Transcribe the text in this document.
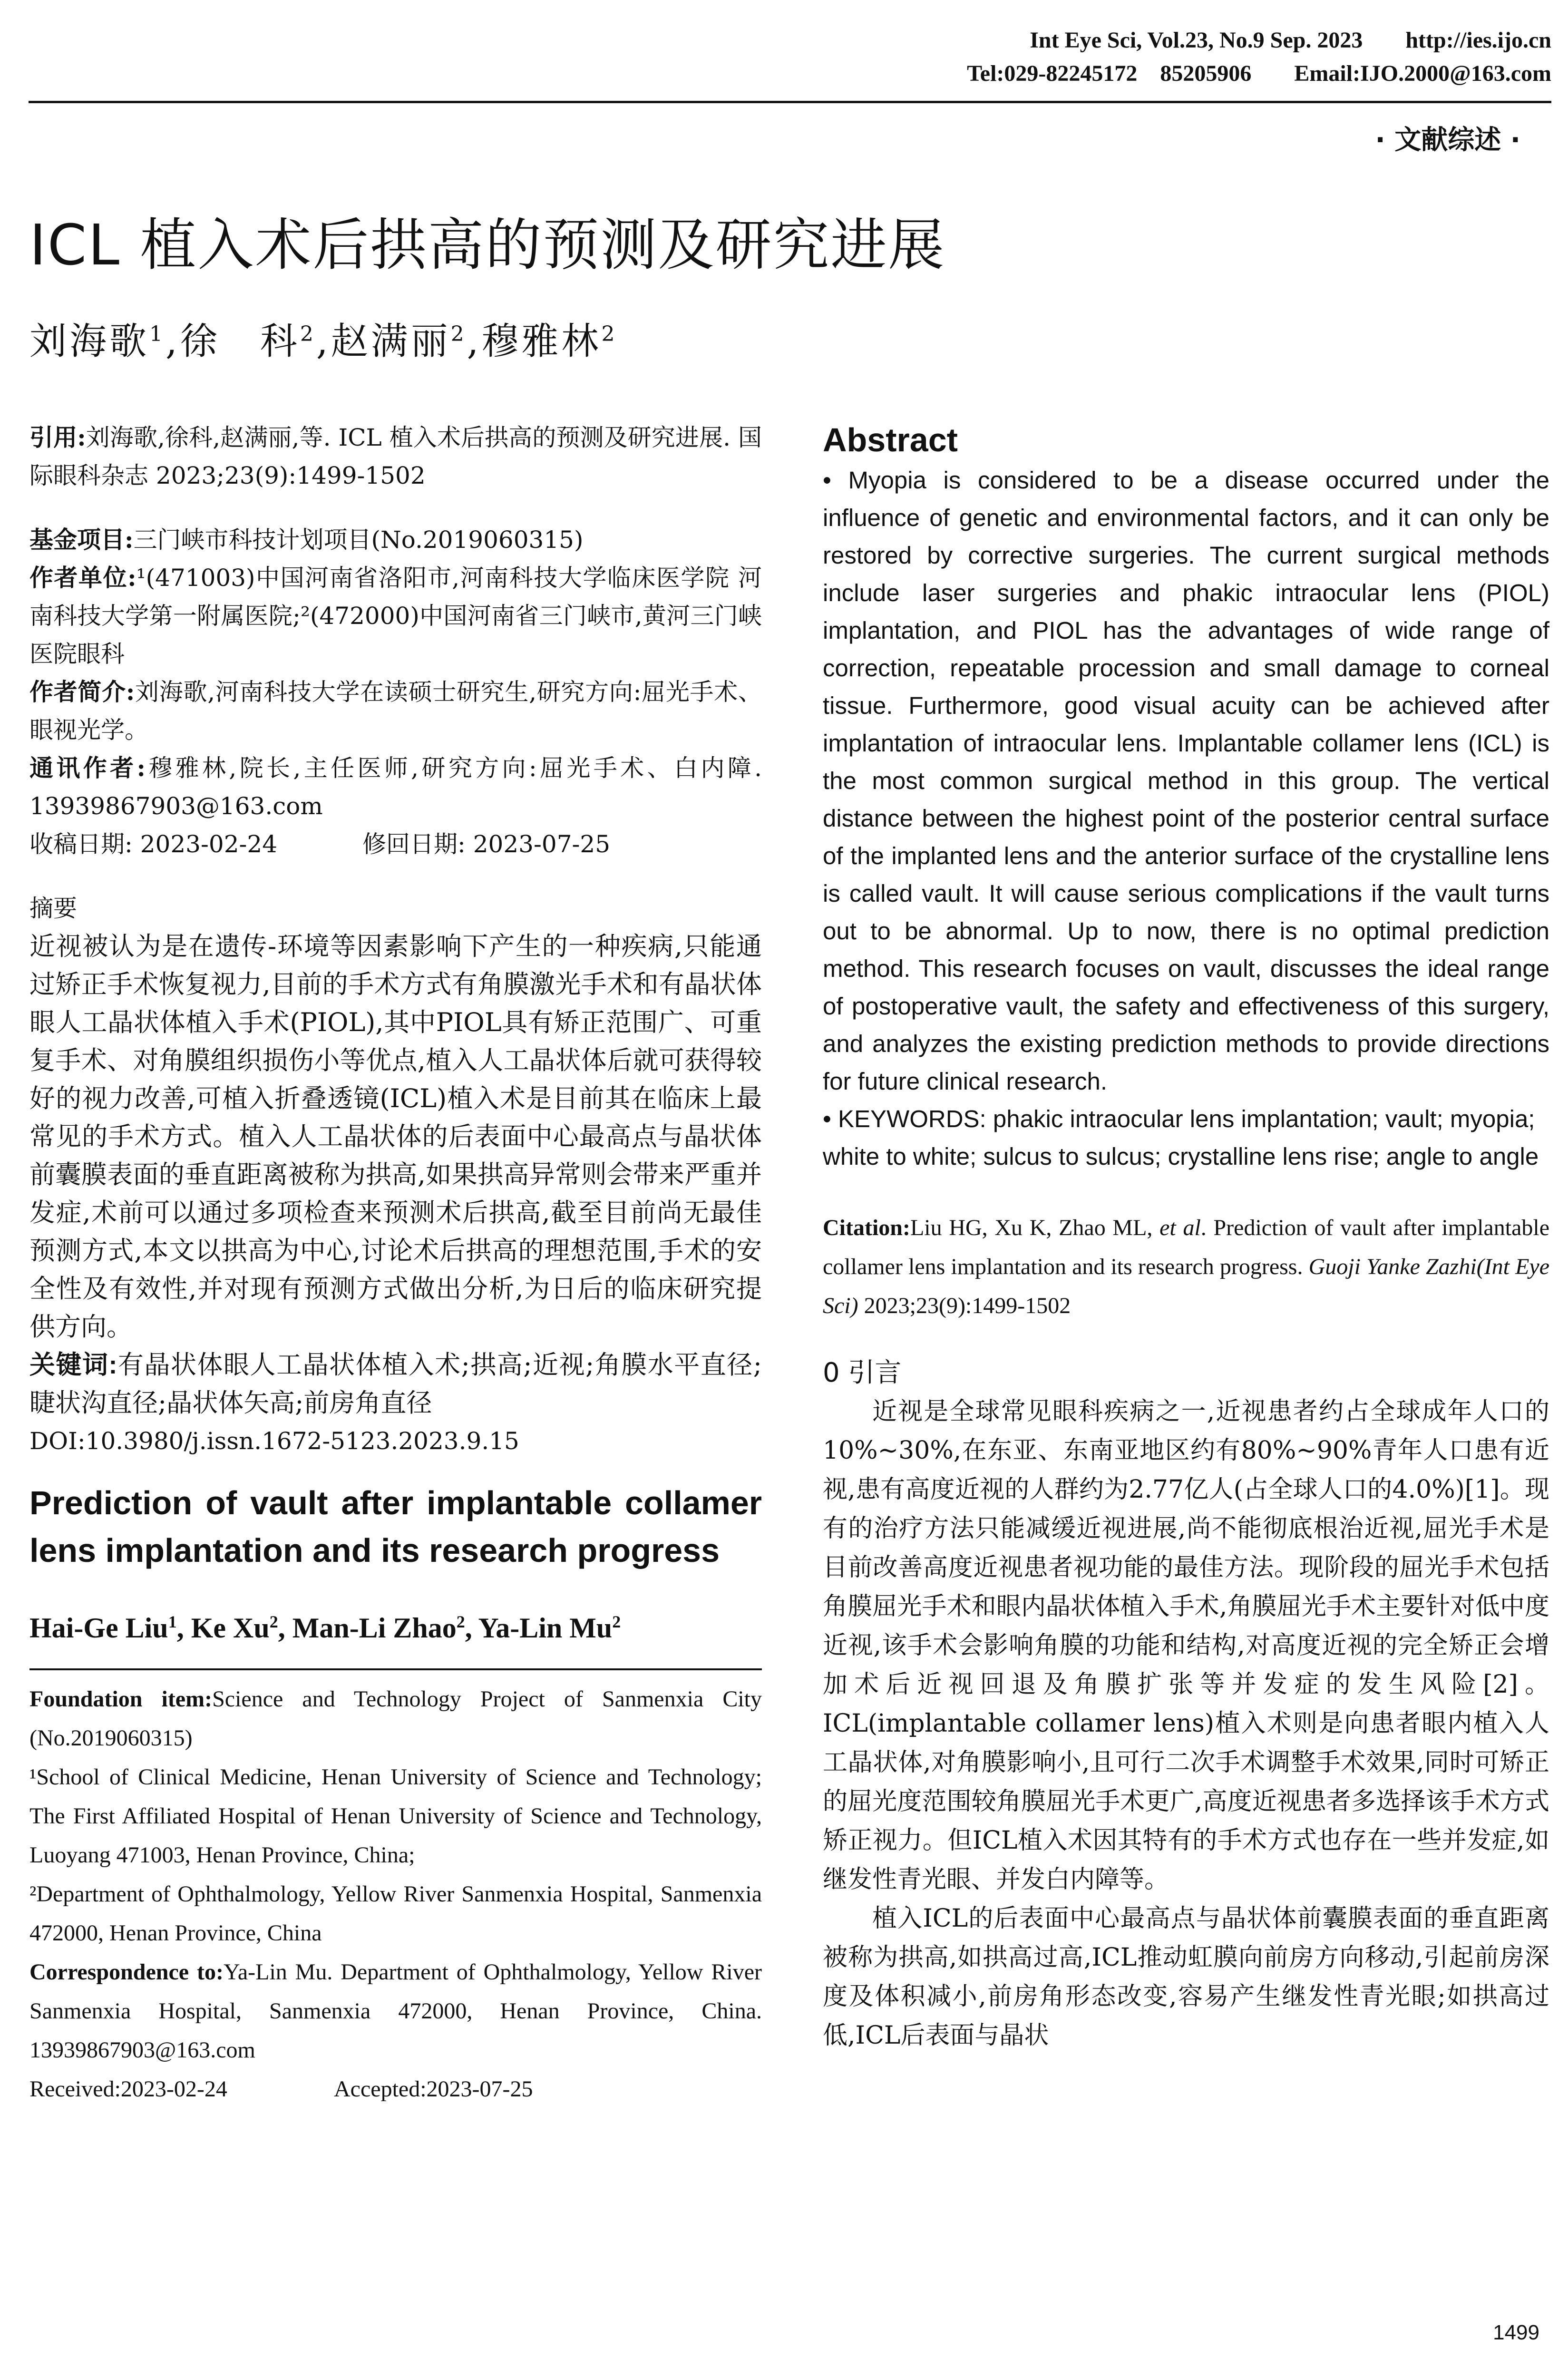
Int Eye Sci, Vol.23, No.9 Sep. 2023 http://ies.ijo.cn
Tel:029-82245172    85205906 Email:IJO.2000@163.com
· 文献综述 ·
ICL 植入术后拱高的预测及研究进展
刘海歌$^1$,徐　科$^2$,赵满丽$^2$,穆雅林$^2$

引用:刘海歌,徐科,赵满丽,等. ICL 植入术后拱高的预测及研究进展. 国际眼科杂志 2023;23(9):1499-1502

基金项目:三门峡市科技计划项目(No.2019060315)

作者单位:¹(471003)中国河南省洛阳市,河南科技大学临床医学院 河南科技大学第一附属医院;²(472000)中国河南省三门峡市,黄河三门峡医院眼科

作者简介:刘海歌,河南科技大学在读硕士研究生,研究方向:屈光手术、眼视光学。

通讯作者:穆雅林,院长,主任医师,研究方向:屈光手术、白内障. 13939867903@163.com

收稿日期: 2023-02-24	修回日期: 2023-07-25

摘要

近视被认为是在遗传-环境等因素影响下产生的一种疾病,只能通过矫正手术恢复视力,目前的手术方式有角膜激光手术和有晶状体眼人工晶状体植入手术(PIOL),其中PIOL具有矫正范围广、可重复手术、对角膜组织损伤小等优点,植入人工晶状体后就可获得较好的视力改善,可植入折叠透镜(ICL)植入术是目前其在临床上最常见的手术方式。植入人工晶状体的后表面中心最高点与晶状体前囊膜表面的垂直距离被称为拱高,如果拱高异常则会带来严重并发症,术前可以通过多项检查来预测术后拱高,截至目前尚无最佳预测方式,本文以拱高为中心,讨论术后拱高的理想范围,手术的安全性及有效性,并对现有预测方式做出分析,为日后的临床研究提供方向。

关键词:有晶状体眼人工晶状体植入术;拱高;近视;角膜水平直径;睫状沟直径;晶状体矢高;前房角直径

DOI:10.3980/j.issn.1672-5123.2023.9.15

Prediction of vault after implantable collamer lens implantation and its research progress
Hai-Ge Liu$^1$, Ke Xu$^2$, Man-Li Zhao$^2$, Ya-Lin Mu$^2$

Foundation item:Science and Technology Project of Sanmenxia City (No.2019060315)

¹School of Clinical Medicine, Henan University of Science and Technology; The First Affiliated Hospital of Henan University of Science and Technology, Luoyang 471003, Henan Province, China;

²Department of Ophthalmology, Yellow River Sanmenxia Hospital, Sanmenxia 472000, Henan Province, China

Correspondence to:Ya-Lin Mu. Department of Ophthalmology, Yellow River Sanmenxia Hospital, Sanmenxia 472000, Henan Province, China. 13939867903@163.com

Received:2023-02-24	Accepted:2023-07-25

Abstract

• Myopia is considered to be a disease occurred under the influence of genetic and environmental factors, and it can only be restored by corrective surgeries. The current surgical methods include laser surgeries and phakic intraocular lens (PIOL) implantation, and PIOL has the advantages of wide range of correction, repeatable procession and small damage to corneal tissue. Furthermore, good visual acuity can be achieved after implantation of intraocular lens. Implantable collamer lens (ICL) is the most common surgical method in this group. The vertical distance between the highest point of the posterior central surface of the implanted lens and the anterior surface of the crystalline lens is called vault. It will cause serious complications if the vault turns out to be abnormal. Up to now, there is no optimal prediction method. This research focuses on vault, discusses the ideal range of postoperative vault, the safety and effectiveness of this surgery, and analyzes the existing prediction methods to provide directions for future clinical research.

• KEYWORDS: phakic intraocular lens implantation; vault; myopia; white to white; sulcus to sulcus; crystalline lens rise; angle to angle

Citation:Liu HG, Xu K, Zhao ML, et al. Prediction of vault after implantable collamer lens implantation and its research progress. Guoji Yanke Zazhi(Int Eye Sci) 2023;23(9):1499-1502

0 引言

近视是全球常见眼科疾病之一,近视患者约占全球成年人口的10%~30%,在东亚、东南亚地区约有80%~90%青年人口患有近视,患有高度近视的人群约为2.77亿人(占全球人口的4.0%)[1]。现有的治疗方法只能减缓近视进展,尚不能彻底根治近视,屈光手术是目前改善高度近视患者视功能的最佳方法。现阶段的屈光手术包括角膜屈光手术和眼内晶状体植入手术,角膜屈光手术主要针对低中度近视,该手术会影响角膜的功能和结构,对高度近视的完全矫正会增加术后近视回退及角膜扩张等并发症的发生风险[2]。ICL(implantable collamer lens)植入术则是向患者眼内植入人工晶状体,对角膜影响小,且可行二次手术调整手术效果,同时可矫正的屈光度范围较角膜屈光手术更广,高度近视患者多选择该手术方式矫正视力。但ICL植入术因其特有的手术方式也存在一些并发症,如继发性青光眼、并发白内障等。

植入ICL的后表面中心最高点与晶状体前囊膜表面的垂直距离被称为拱高,如拱高过高,ICL推动虹膜向前房方向移动,引起前房深度及体积减小,前房角形态改变,容易产生继发性青光眼;如拱高过低,ICL后表面与晶状

1499
